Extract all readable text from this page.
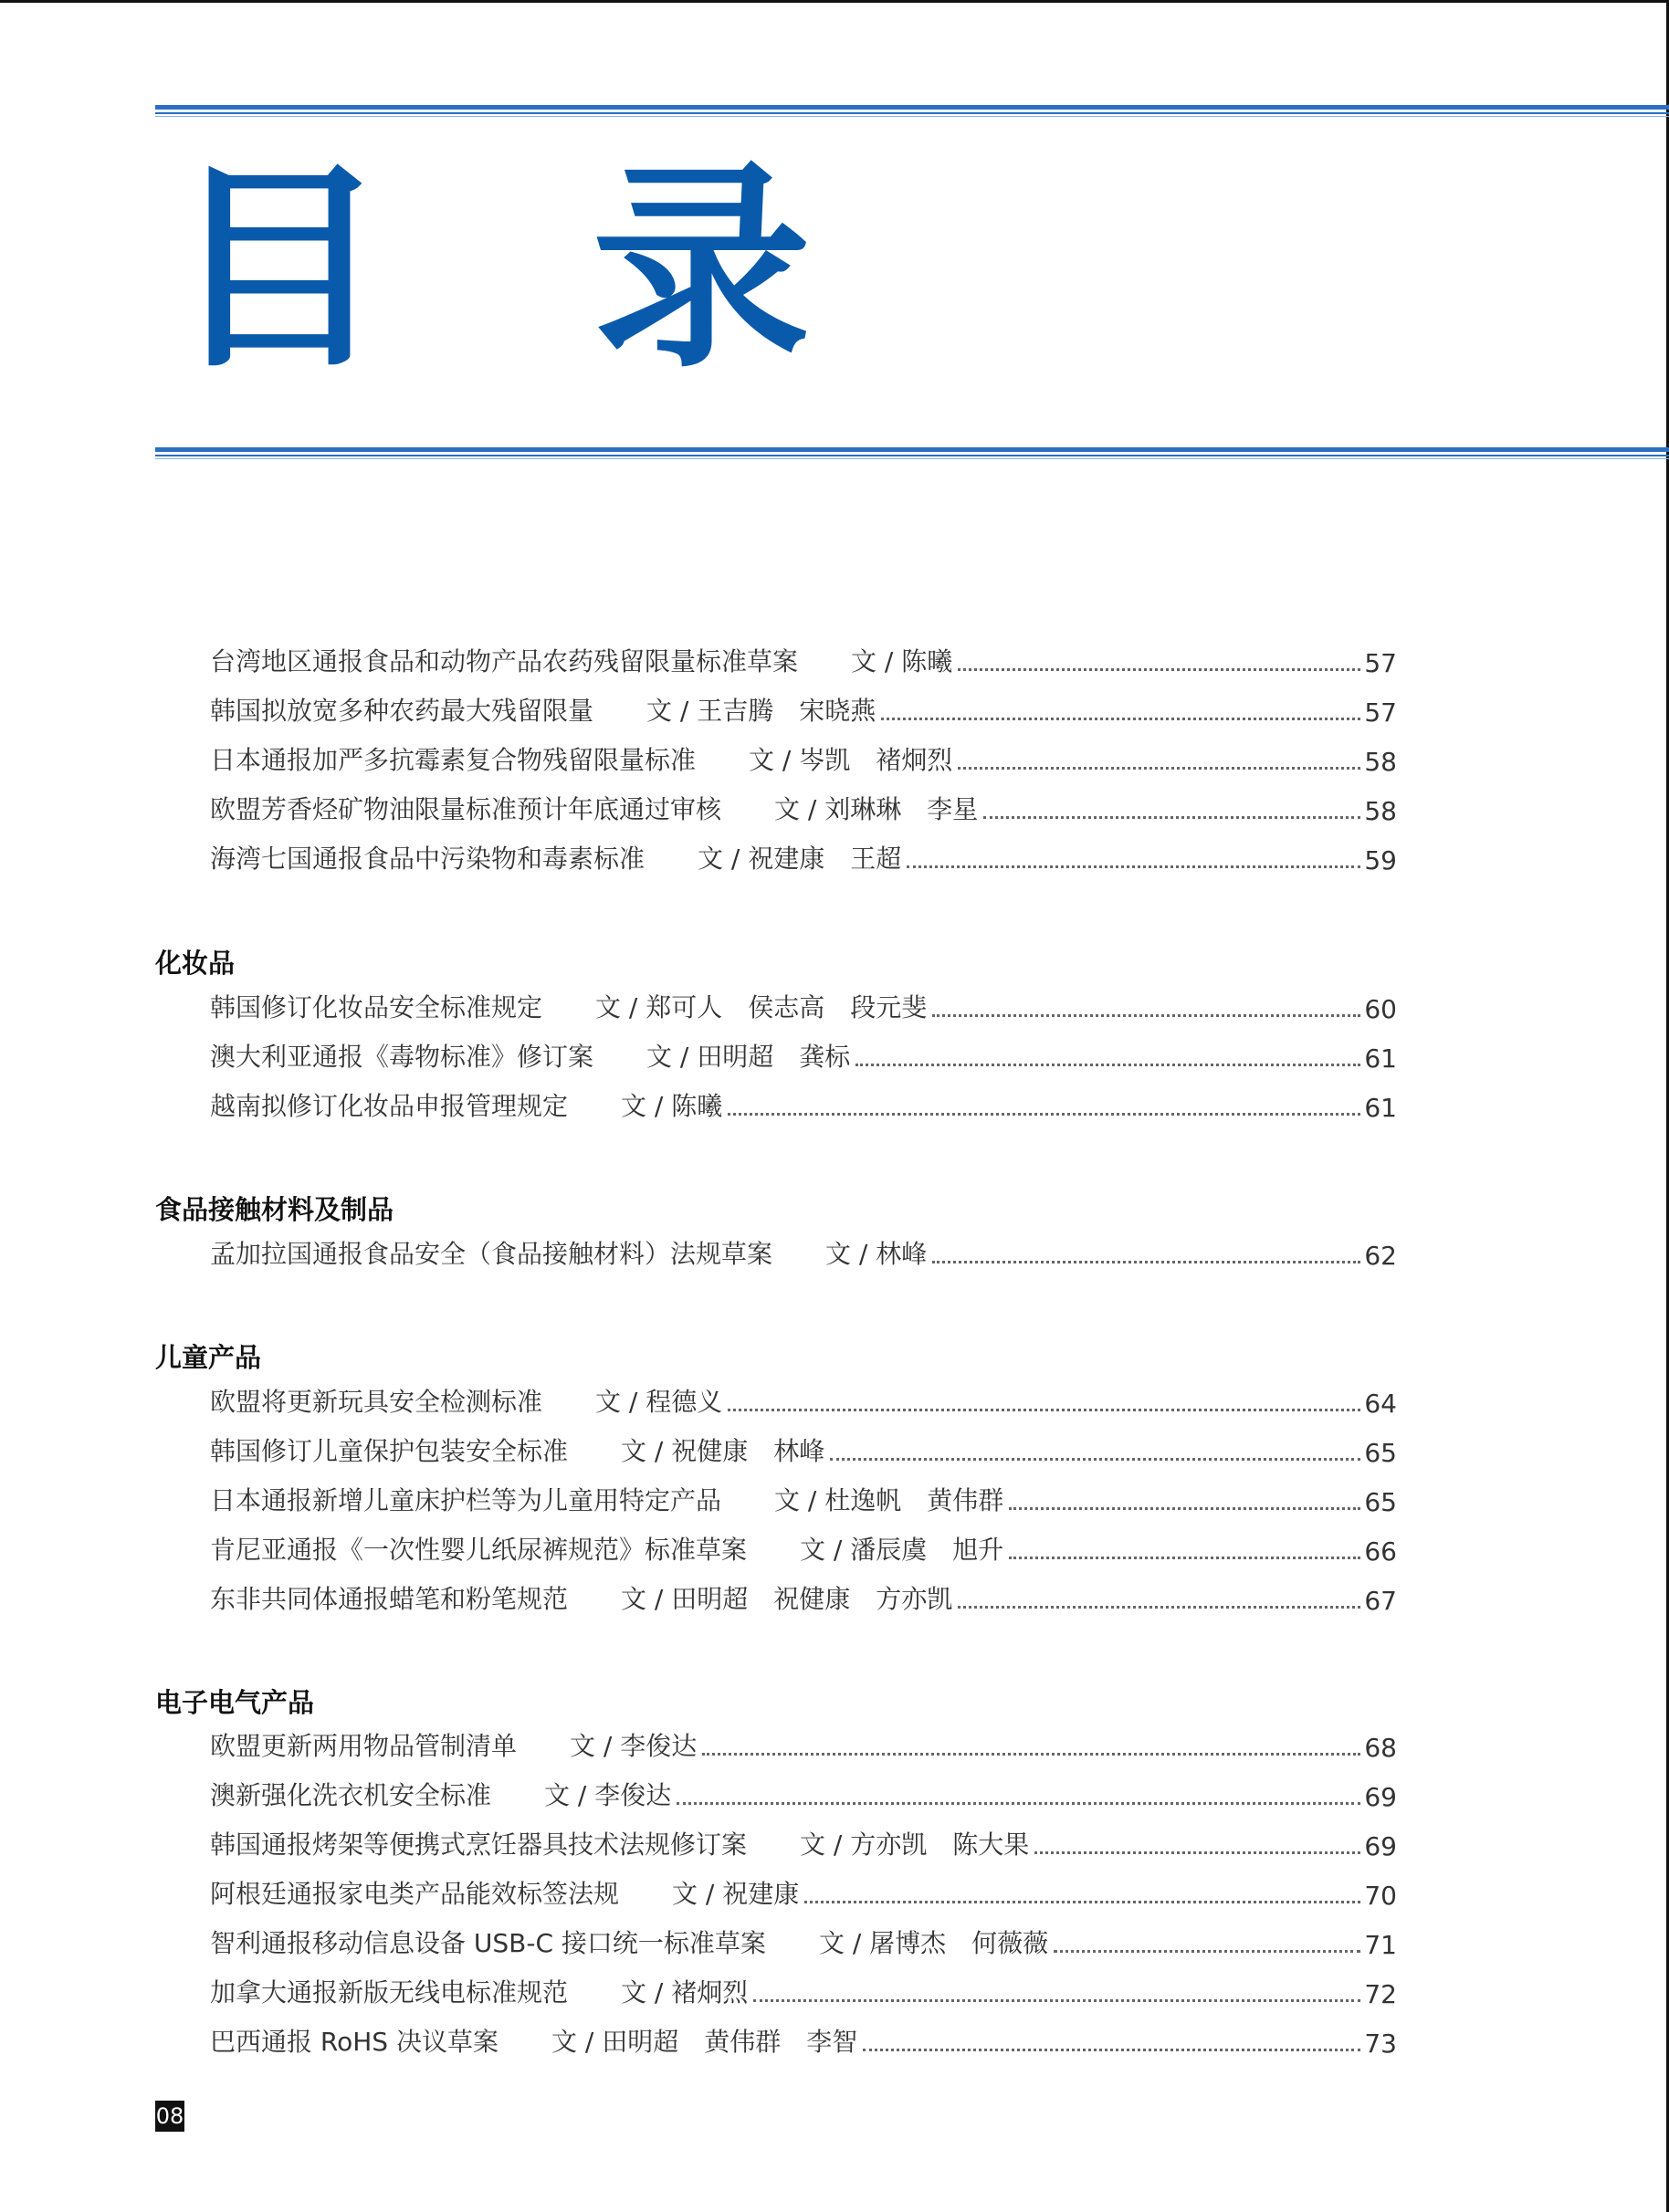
目 录
台湾地区通报食品和动物产品农药残留限量标准草案 文 / 陈曦	57
韩国拟放宽多种农药最大残留限量 文 / 王吉腾　宋晓燕	57
日本通报加严多抗霉素复合物残留限量标准 文 / 岑凯　褚炯烈	58
欧盟芳香烃矿物油限量标准预计年底通过审核 文 / 刘琳琳　李星	58
海湾七国通报食品中污染物和毒素标准 文 / 祝建康　王超	59
化妆品
韩国修订化妆品安全标准规定 文 / 郑可人　侯志高　段元斐	60
澳大利亚通报《毒物标准》修订案 文 / 田明超　龚标	61
越南拟修订化妆品申报管理规定 文 / 陈曦	61
食品接触材料及制品
孟加拉国通报食品安全（食品接触材料）法规草案 文 / 林峰	62
儿童产品
欧盟将更新玩具安全检测标准 文 / 程德义	64
韩国修订儿童保护包装安全标准 文 / 祝健康　林峰	65
日本通报新增儿童床护栏等为儿童用特定产品 文 / 杜逸帆　黄伟群	65
肯尼亚通报《一次性婴儿纸尿裤规范》标准草案 文 / 潘辰虞　旭升	66
东非共同体通报蜡笔和粉笔规范 文 / 田明超　祝健康　方亦凯	67
电子电气产品
欧盟更新两用物品管制清单 文 / 李俊达	68
澳新强化洗衣机安全标准 文 / 李俊达	69
韩国通报烤架等便携式烹饪器具技术法规修订案 文 / 方亦凯　陈大果	69
阿根廷通报家电类产品能效标签法规 文 / 祝建康	70
智利通报移动信息设备 USB-C 接口统一标准草案 文 / 屠博杰　何薇薇	71
加拿大通报新版无线电标准规范 文 / 褚炯烈	72
巴西通报 RoHS 决议草案 文 / 田明超　黄伟群　李智	73
08
